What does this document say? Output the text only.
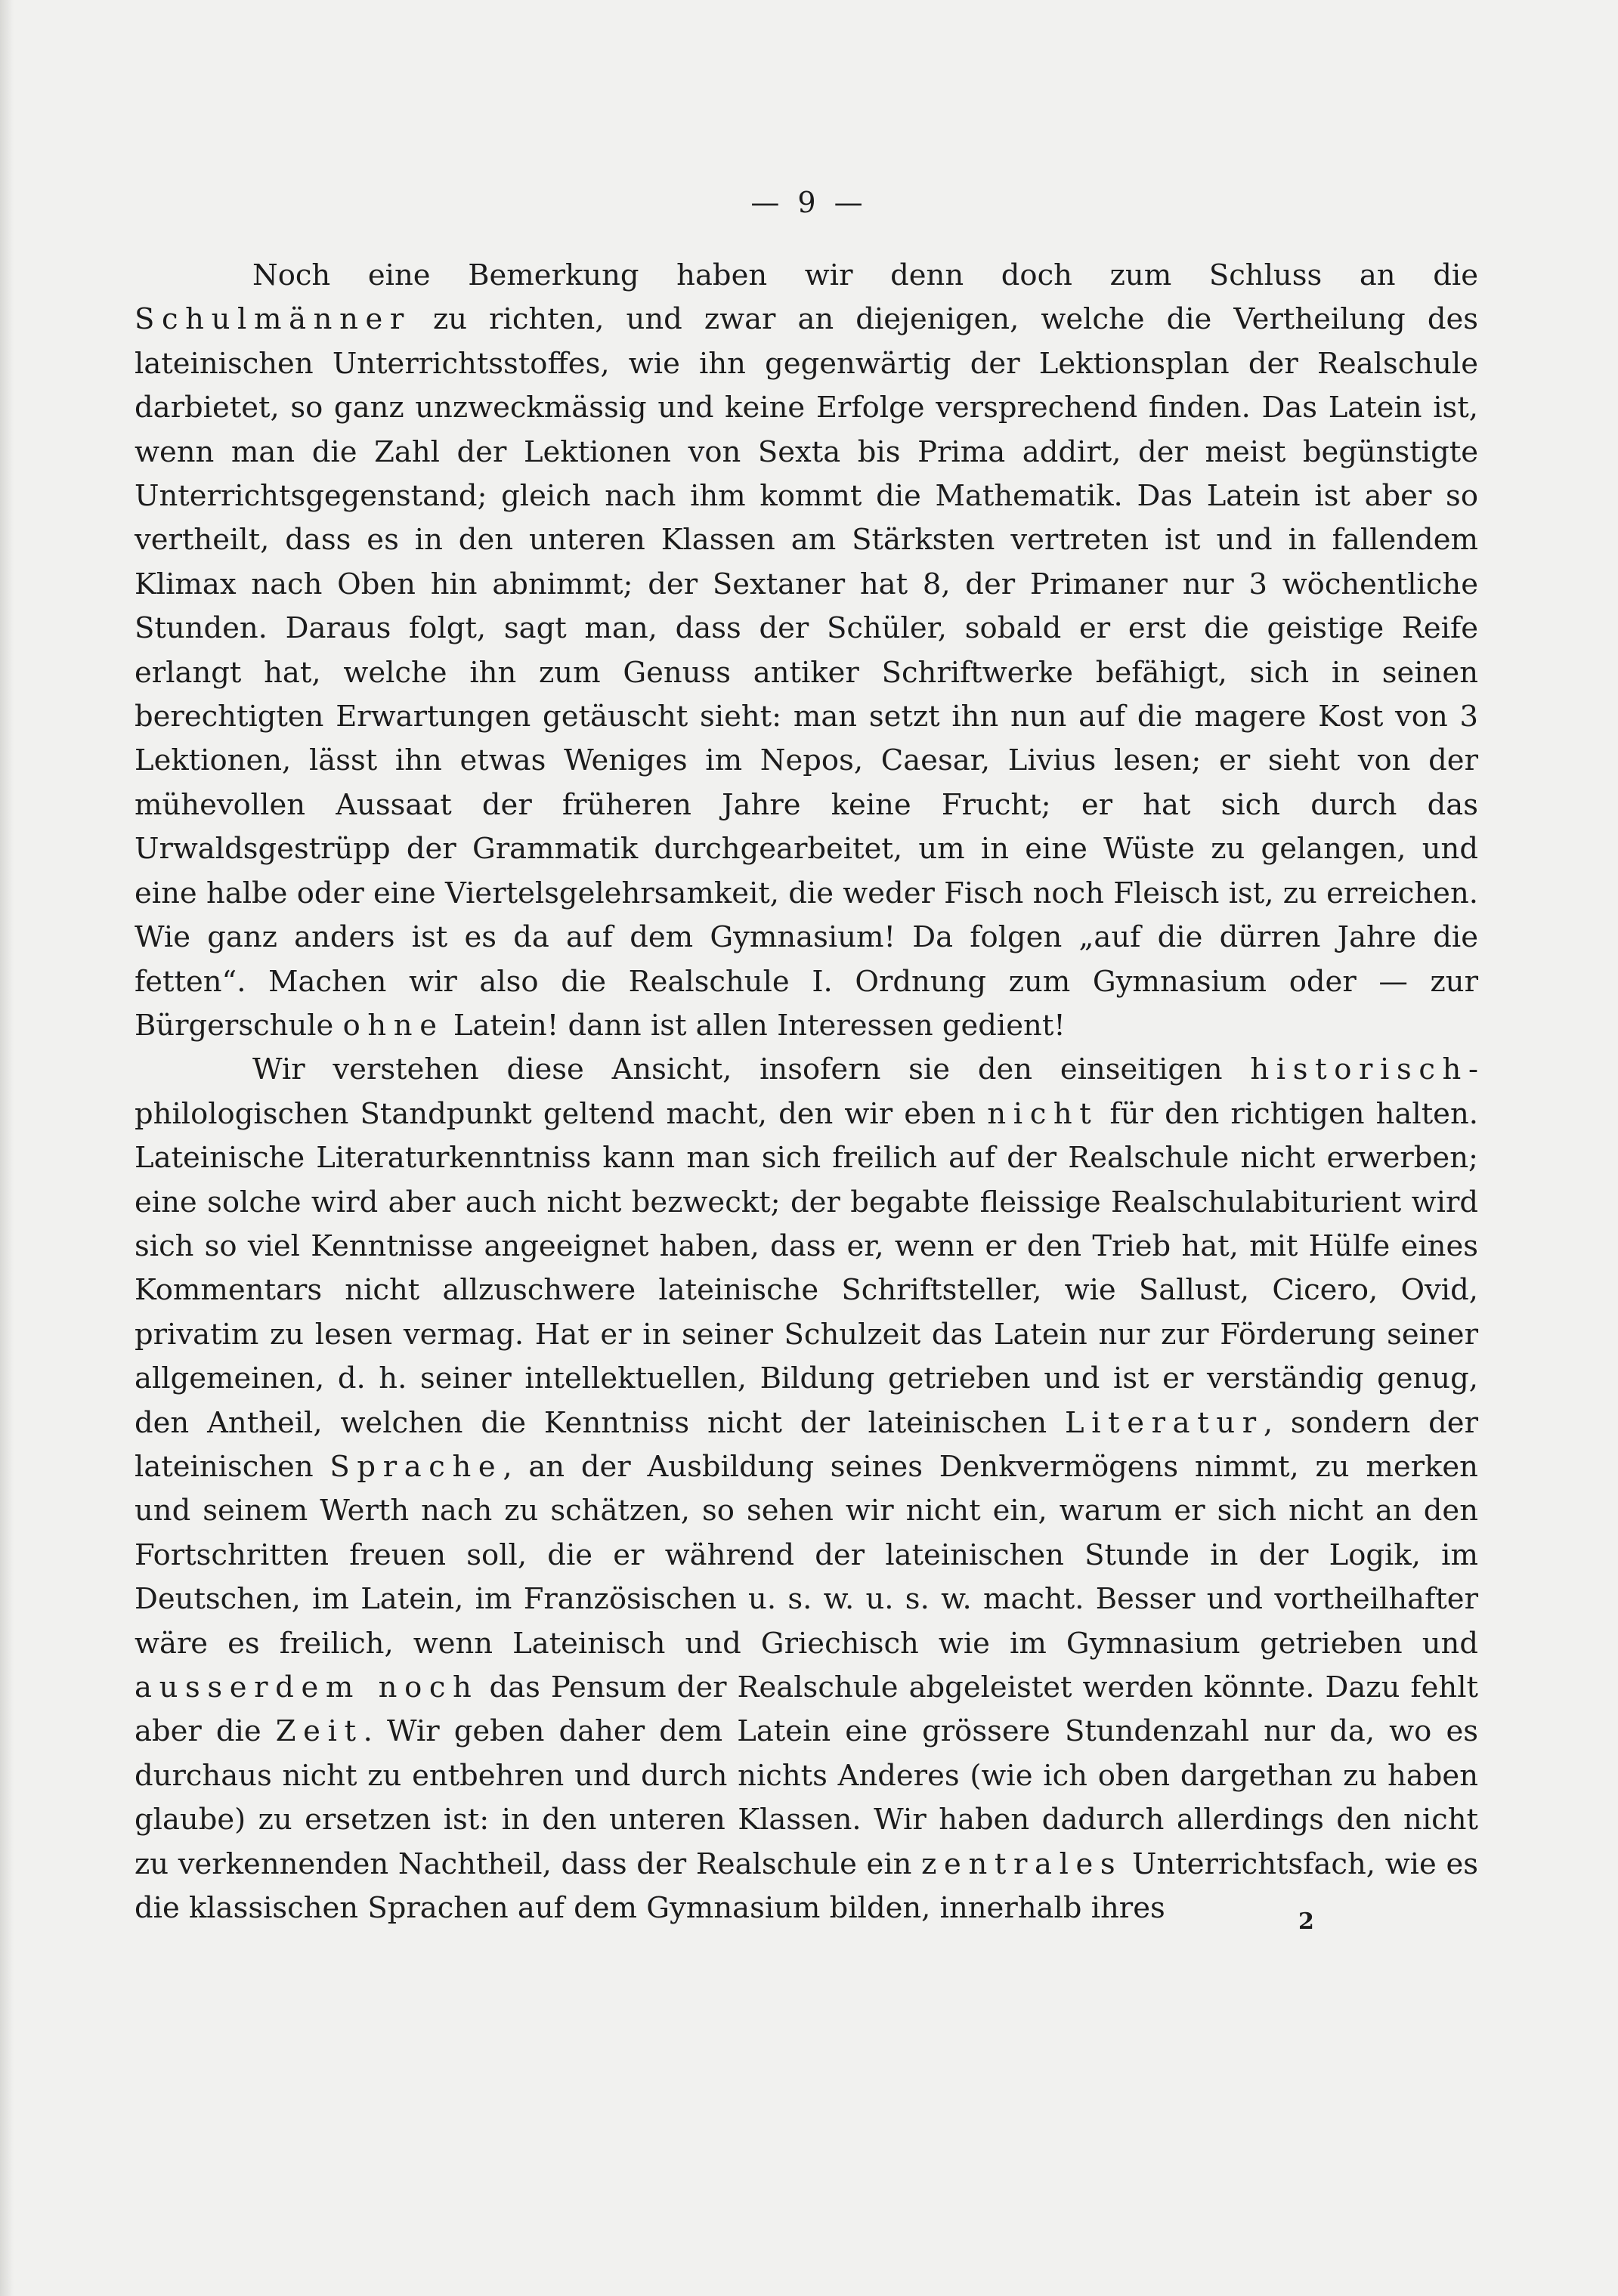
— 9 —

Noch eine Bemerkung haben wir denn doch zum Schluss an die Schulmänner zu richten, und zwar an diejenigen, welche die Vertheilung des lateinischen Unterrichtsstoffes, wie ihn gegenwärtig der Lektionsplan der Realschule darbietet, so ganz unzweckmässig und keine Erfolge versprechend finden. Das Latein ist, wenn man die Zahl der Lektionen von Sexta bis Prima addirt, der meist begünstigte Unterrichtsgegenstand; gleich nach ihm kommt die Mathematik. Das Latein ist aber so vertheilt, dass es in den unteren Klassen am Stärksten vertreten ist und in fallendem Klimax nach Oben hin abnimmt; der Sextaner hat 8, der Primaner nur 3 wöchentliche Stunden. Daraus folgt, sagt man, dass der Schüler, sobald er erst die geistige Reife erlangt hat, welche ihn zum Genuss antiker Schriftwerke befähigt, sich in seinen berechtigten Erwartungen getäuscht sieht: man setzt ihn nun auf die magere Kost von 3 Lektionen, lässt ihn etwas Weniges im Nepos, Caesar, Livius lesen; er sieht von der mühevollen Aussaat der früheren Jahre keine Frucht; er hat sich durch das Urwaldsgestrüpp der Grammatik durchgearbeitet, um in eine Wüste zu gelangen, und eine halbe oder eine Viertelsgelehrsamkeit, die weder Fisch noch Fleisch ist, zu erreichen. Wie ganz anders ist es da auf dem Gymnasium! Da folgen „auf die dürren Jahre die fetten“. Machen wir also die Realschule I. Ordnung zum Gymnasium oder — zur Bürgerschule ohne Latein! dann ist allen Interessen gedient!

Wir verstehen diese Ansicht, insofern sie den einseitigen historisch-philologischen Standpunkt geltend macht, den wir eben nicht für den richtigen halten. Lateinische Literaturkenntniss kann man sich freilich auf der Realschule nicht erwerben; eine solche wird aber auch nicht bezweckt; der begabte fleissige Realschulabiturient wird sich so viel Kenntnisse angeeignet haben, dass er, wenn er den Trieb hat, mit Hülfe eines Kommentars nicht allzuschwere lateinische Schriftsteller, wie Sallust, Cicero, Ovid, privatim zu lesen vermag. Hat er in seiner Schulzeit das Latein nur zur Förderung seiner allgemeinen, d. h. seiner intellektuellen, Bildung getrieben und ist er verständig genug, den Antheil, welchen die Kenntniss nicht der lateinischen Literatur, sondern der lateinischen Sprache, an der Ausbildung seines Denkvermögens nimmt, zu merken und seinem Werth nach zu schätzen, so sehen wir nicht ein, warum er sich nicht an den Fortschritten freuen soll, die er während der lateinischen Stunde in der Logik, im Deutschen, im Latein, im Französischen u. s. w. u. s. w. macht. Besser und vortheilhafter wäre es freilich, wenn Lateinisch und Griechisch wie im Gymnasium getrieben und ausserdem noch das Pensum der Realschule abgeleistet werden könnte. Dazu fehlt aber die Zeit. Wir geben daher dem Latein eine grössere Stundenzahl nur da, wo es durchaus nicht zu entbehren und durch nichts Anderes (wie ich oben dargethan zu haben glaube) zu ersetzen ist: in den unteren Klassen. Wir haben dadurch allerdings den nicht zu verkennenden Nachtheil, dass der Realschule ein zentrales Unterrichtsfach, wie es die klassischen Sprachen auf dem Gymnasium bilden, innerhalb ihres	2
